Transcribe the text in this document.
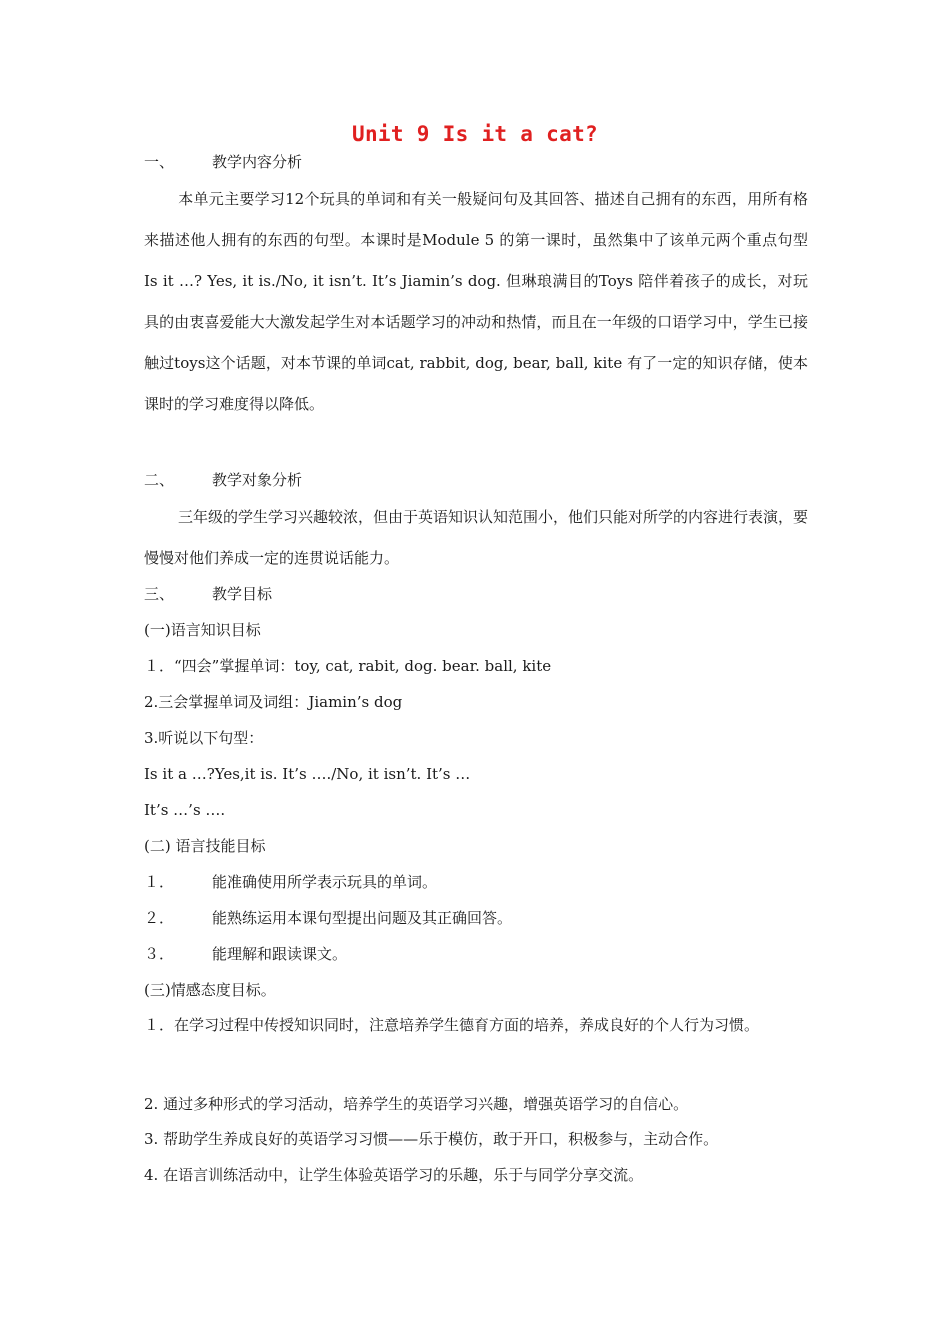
Unit 9 Is it a cat?
一、	教学内容分析
本单元主要学习12个玩具的单词和有关一般疑问句及其回答、描述自己拥有的东西，用所有格来描述他人拥有的东西的句型。本课时是Module 5 的第一课时，虽然集中了该单元两个重点句型 Is it …? Yes, it is./No, it isn’t. It’s Jiamin’s dog. 但琳琅满目的Toys 陪伴着孩子的成长，对玩具的由衷喜爱能大大激发起学生对本话题学习的冲动和热情，而且在一年级的口语学习中，学生已接触过toys这个话题，对本节课的单词cat, rabbit, dog, bear, ball, kite 有了一定的知识存储，使本课时的学习难度得以降低。
二、	教学对象分析
三年级的学生学习兴趣较浓，但由于英语知识认知范围小，他们只能对所学的内容进行表演，要慢慢对他们养成一定的连贯说话能力。
三、	教学目标
(一)语言知识目标
１．“四会”掌握单词：toy, cat, rabit, dog. bear. ball, kite
2.三会掌握单词及词组：Jiamin’s dog
3.听说以下句型：
Is it a …?Yes,it is. It’s …./No, it isn’t. It’s …
It’s …’s ….
(二) 语言技能目标
１．	能准确使用所学表示玩具的单词。
２．	能熟练运用本课句型提出问题及其正确回答。
３．	能理解和跟读课文。
(三)情感态度目标。
１．在学习过程中传授知识同时，注意培养学生德育方面的培养，养成良好的个人行为习惯。
2. 通过多种形式的学习活动，培养学生的英语学习兴趣，增强英语学习的自信心。
3. 帮助学生养成良好的英语学习习惯——乐于模仿，敢于开口，积极参与，主动合作。
4. 在语言训练活动中，让学生体验英语学习的乐趣，乐于与同学分享交流。
